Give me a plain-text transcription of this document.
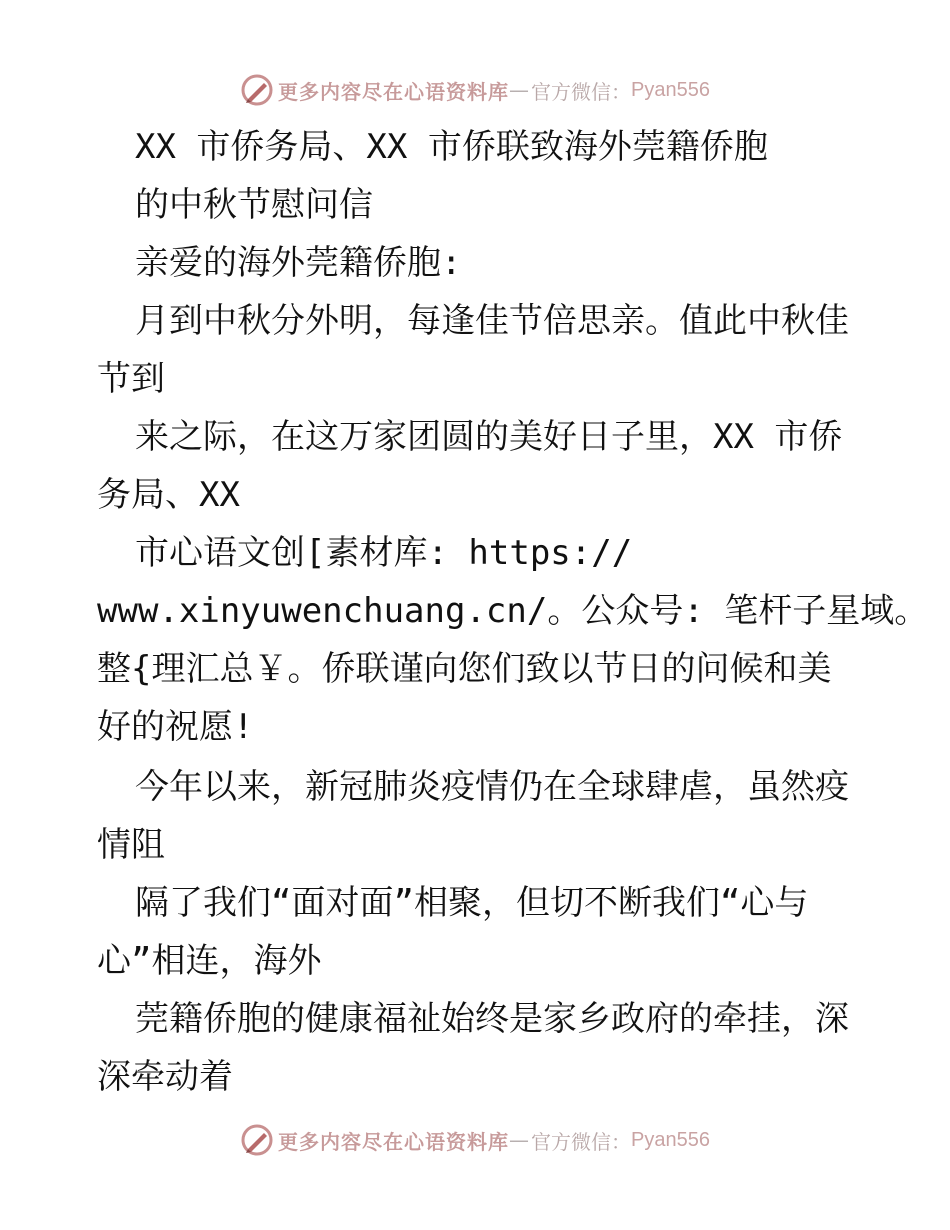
更多内容尽在心语资料库 — 官方微信： Pyan556
XX 市侨务局、XX 市侨联致海外莞籍侨胞
的中秋节慰问信
亲爱的海外莞籍侨胞:
月到中秋分外明，每逢佳节倍思亲。值此中秋佳
节到
来之际，在这万家团圆的美好日子里，XX 市侨
务局、XX
市心语文创[素材库: https://
www.xinyuwenchuang.cn/。公众号: 笔杆子星域。
整{理汇总￥。侨联谨向您们致以节日的问候和美
好的祝愿!
今年以来，新冠肺炎疫情仍在全球肆虐，虽然疫
情阻
隔了我们“面对面”相聚，但切不断我们“心与
心”相连，海外
莞籍侨胞的健康福祉始终是家乡政府的牵挂，深
深牵动着
更多内容尽在心语资料库 — 官方微信： Pyan556
